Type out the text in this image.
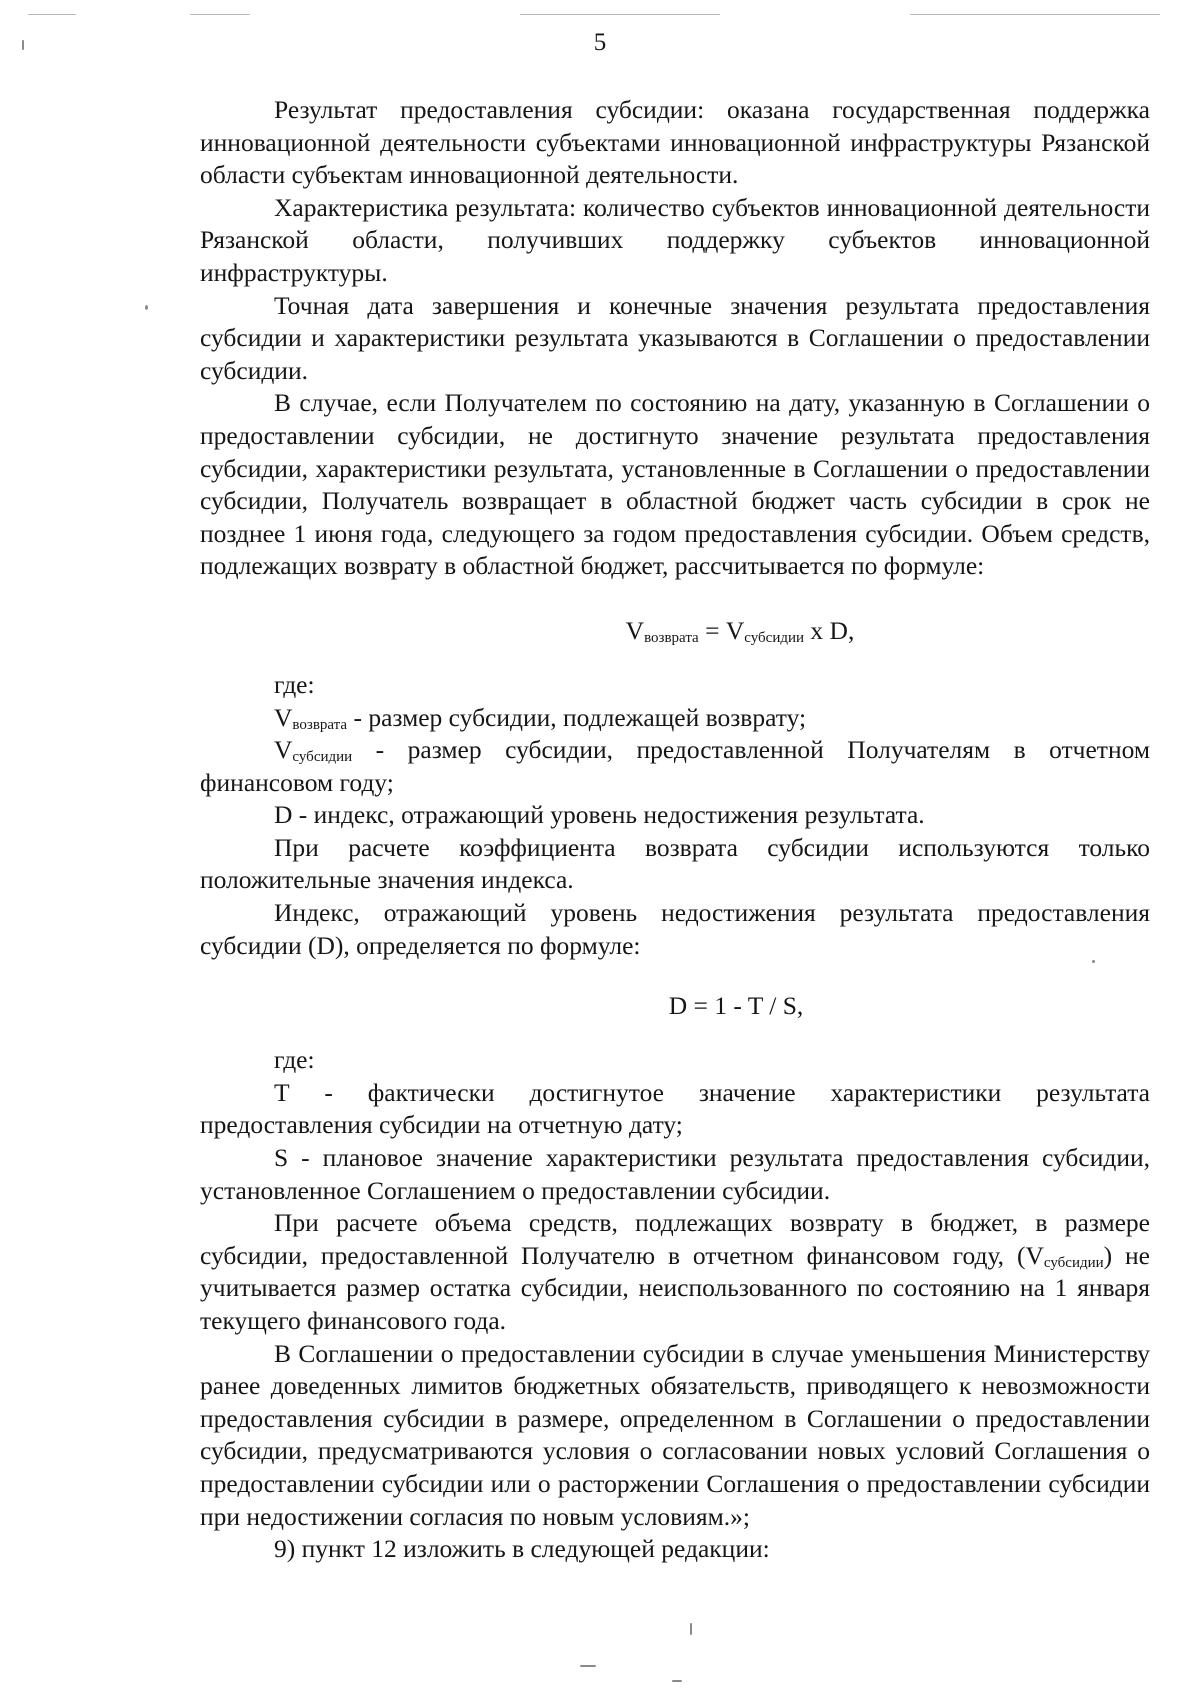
5

Результат предоставления субсидии: оказана государственная поддержка инновационной деятельности субъектами инновационной инфраструктуры Рязанской области субъектам инновационной деятельности.

Характеристика результата: количество субъектов инновационной деятельности Рязанской области, получивших поддержку субъектов инновационной инфраструктуры.

Точная дата завершения и конечные значения результата предоставления субсидии и характеристики результата указываются в Соглашении о предоставлении субсидии.

В случае, если Получателем по состоянию на дату, указанную в Соглашении о предоставлении субсидии, не достигнуто значение результата предоставления субсидии, характеристики результата, установленные в Соглашении о предоставлении субсидии, Получатель возвращает в областной бюджет часть субсидии в срок не позднее 1 июня года, следующего за годом предоставления субсидии. Объем средств, подлежащих возврату в областной бюджет, рассчитывается по формуле:

$V_{возврата} = V_{субсидии}$ x D,

где:

$V_{возврата}$ - размер субсидии, подлежащей возврату;

$V_{субсидии}$ - размер субсидии, предоставленной Получателям в отчетном финансовом году;

D - индекс, отражающий уровень недостижения результата.

При расчете коэффициента возврата субсидии используются только положительные значения индекса.

Индекс, отражающий уровень недостижения результата предоставления субсидии (D), определяется по формуле:

D = 1 - T / S,

где:

Т - фактически достигнутое значение характеристики результата предоставления субсидии на отчетную дату;

S - плановое значение характеристики результата предоставления субсидии, установленное Соглашением о предоставлении субсидии.

При расчете объема средств, подлежащих возврату в бюджет, в размере субсидии, предоставленной Получателю в отчетном финансовом году, $(V_{субсидии})$ не учитывается размер остатка субсидии, неиспользованного по состоянию на 1 января текущего финансового года.

В Соглашении о предоставлении субсидии в случае уменьшения Министерству ранее доведенных лимитов бюджетных обязательств, приводящего к невозможности предоставления субсидии в размере, определенном в Соглашении о предоставлении субсидии, предусматриваются условия о согласовании новых условий Соглашения о предоставлении субсидии или о расторжении Соглашения о предоставлении субсидии при недостижении согласия по новым условиям.»;

9) пункт 12 изложить в следующей редакции:
